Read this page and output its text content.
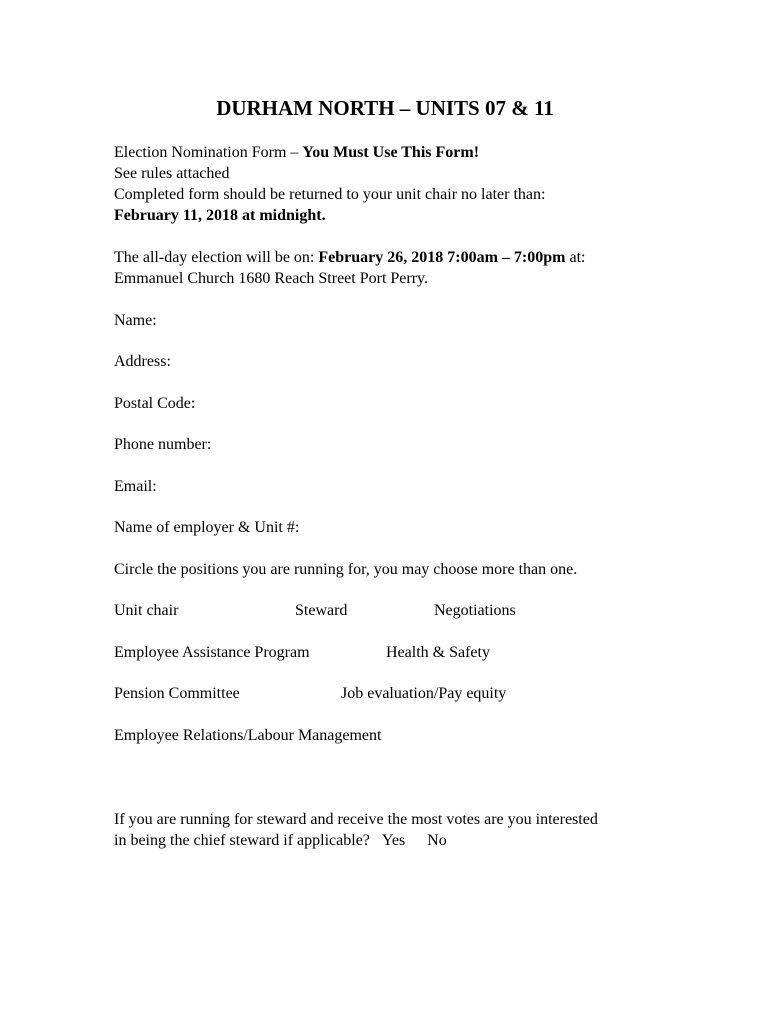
DURHAM NORTH – UNITS 07 & 11
Election Nomination Form – You Must Use This Form!
See rules attached
Completed form should be returned to your unit chair no later than:
February 11, 2018 at midnight.
The all-day election will be on: February 26, 2018 7:00am – 7:00pm at:
Emmanuel Church 1680 Reach Street Port Perry.
Name:
Address:
Postal Code:
Phone number:
Email:
Name of employer & Unit #:
Circle the positions you are running for, you may choose more than one.
Unit chair	Steward	Negotiations
Employee Assistance Program	Health & Safety
Pension Committee	Job evaluation/Pay equity
Employee Relations/Labour Management
If you are running for steward and receive the most votes are you interested
in being the chief steward if applicable? Yes No
